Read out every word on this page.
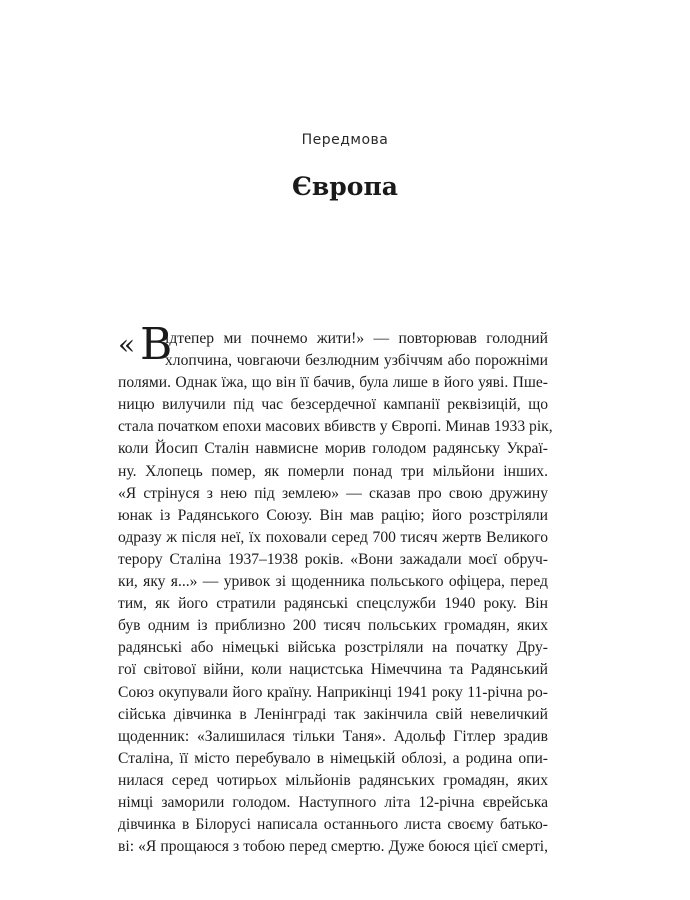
Передмова
Європа
« В
ідтепер ми почнемо жити!» — повторював голодний
хлопчина, човгаючи безлюдним узбіччям або порожніми
полями. Однак їжа, що він її бачив, була лише в його уяві. Пше-
ницю вилучили під час безсердечної кампанії реквізицій, що
стала початком епохи масових вбивств у Європі. Минав 1933 рік,
коли Йосип Сталін навмисне морив голодом радянську Украї-
ну. Хлопець помер, як померли понад три мільйони інших.
«Я стрінуся з нею під землею» — сказав про свою дружину
юнак із Радянського Союзу. Він мав рацію; його розстріляли
одразу ж після неї, їх поховали серед 700 тисяч жертв Великого
терору Сталіна 1937–1938 років. «Вони зажадали моєї обруч-
ки, яку я...» — уривок зі щоденника польського офіцера, перед
тим, як його стратили радянські спецслужби 1940 року. Він
був одним із приблизно 200 тисяч польських громадян, яких
радянські або німецькі війська розстріляли на початку Дру-
гої світової війни, коли нацистська Німеччина та Радянський
Союз окупували його країну. Наприкінці 1941 року 11-річна ро-
сійська дівчинка в Ленінграді так закінчила свій невеличкий
щоденник: «Залишилася тільки Таня». Адольф Гітлер зрадив
Сталіна, її місто перебувало в німецькій облозі, а родина опи-
нилася серед чотирьох мільйонів радянських громадян, яких
німці заморили голодом. Наступного літа 12-річна єврейська
дівчинка в Білорусі написала останнього листа своєму батько-
ві: «Я прощаюся з тобою перед смертю. Дуже боюся цієї смерті,
